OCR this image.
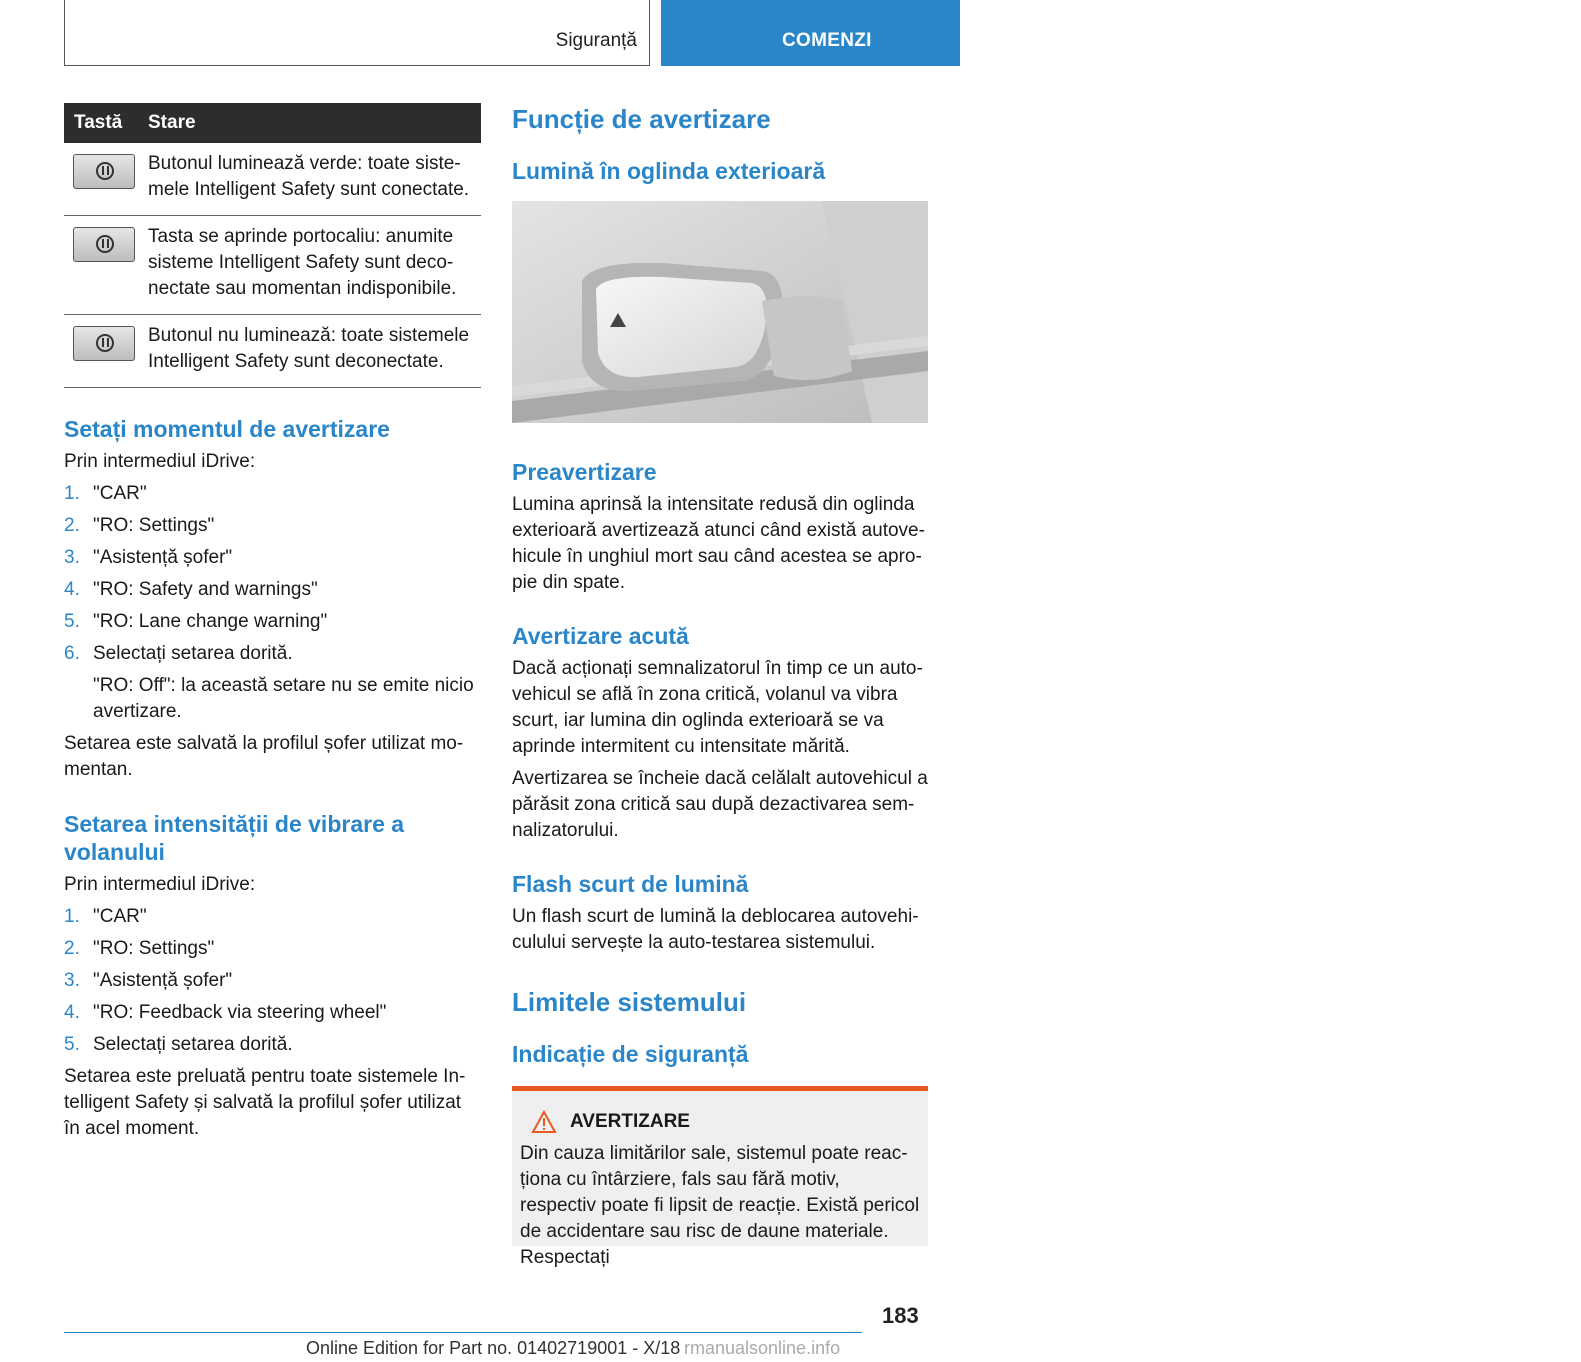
Siguranță	COMENZI
Tastă	Stare

	Butonul luminează verde: toate sistemele Intelligent Safety sunt conectate.

	Tasta se aprinde portocaliu: anumite sisteme Intelligent Safety sunt deconectate sau momentan indisponibile.

	Butonul nu luminează: toate sistemele Intelligent Safety sunt deconectate.
Setați momentul de avertizare

Prin intermediul iDrive:

1. "CAR"
2. "RO: Settings"
3. "Asistență șofer"
4. "RO: Safety and warnings"
5. "RO: Lane change warning"
6. Selectați setarea dorită.

"RO: Off": la această setare nu se emite nicio avertizare.

Setarea este salvată la profilul șofer utilizat momentan.

Setarea intensității de vibrare a volanului

Prin intermediul iDrive:

1. "CAR"
2. "RO: Settings"
3. "Asistență șofer"
4. "RO: Feedback via steering wheel"
5. Selectați setarea dorită.

Setarea este preluată pentru toate sistemele Intelligent Safety și salvată la profilul șofer utilizat în acel moment.

Funcție de avertizare
Lumină în oglinda exterioară
Preavertizare

Lumina aprinsă la intensitate redusă din oglinda exterioară avertizează atunci când există autovehicule în unghiul mort sau când acestea se apropie din spate.

Avertizare acută

Dacă acționați semnalizatorul în timp ce un autovehicul se află în zona critică, volanul va vibra scurt, iar lumina din oglinda exterioară se va aprinde intermitent cu intensitate mărită.

Avertizarea se încheie dacă celălalt autovehicul a părăsit zona critică sau după dezactivarea semnalizatorului.

Flash scurt de lumină

Un flash scurt de lumină la deblocarea autovehiculului servește la auto-testarea sistemului.

Limitele sistemului
Indicație de siguranță
AVERTIZARE

Din cauza limitărilor sale, sistemul poate reacționa cu întârziere, fals sau fără motiv, respectiv poate fi lipsit de reacție. Există pericol de accidentare sau risc de daune materiale. Respectați

183
Online Edition for Part no. 01402719001 - X/18 rmanualsonline.info
